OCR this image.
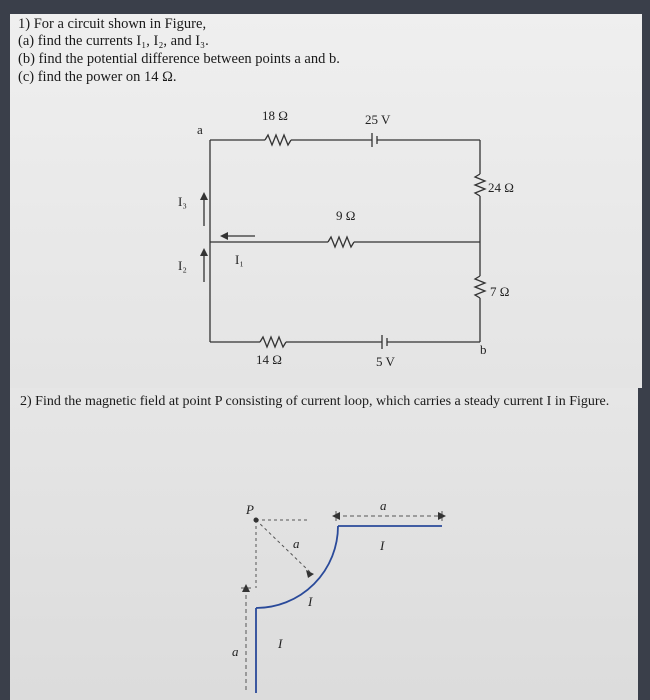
1) For a circuit shown in Figure,
(a) find the currents I₁, I₂, and I₃.
(b) find the potential difference between points a and b.
(c) find the power on 14 Ω.
18 Ω	25 V
24 Ω
9 Ω
7 Ω
14 Ω	5 V
a
b
I₁
I₂
I₃
2) Find the magnetic field at point P consisting of current loop, which carries a steady current I in Figure.
P	a
a
a
I
I
I
